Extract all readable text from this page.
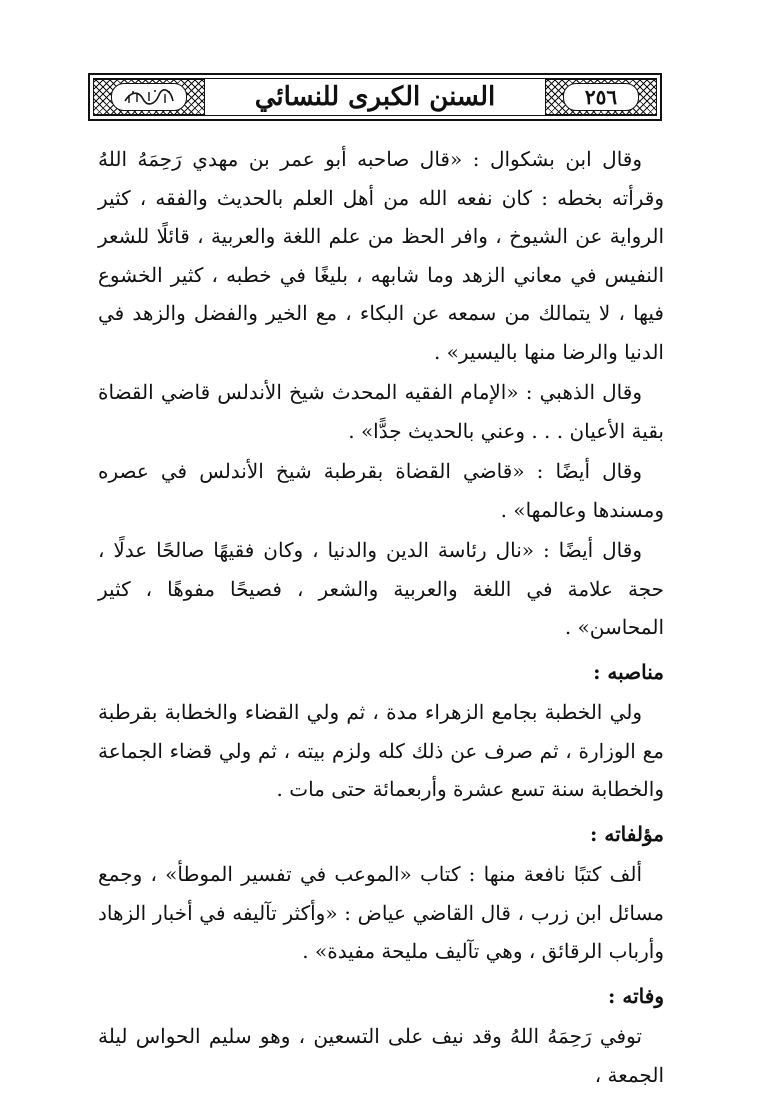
السنن الكبرى للنسائي	٢٥٦

وقال ابن بشكوال : «قال صاحبه أبو عمر بن مهدي رَحِمَهُ اللهُ وقرأته بخطه : كان نفعه الله من أهل العلم بالحديث والفقه ، كثير الرواية عن الشيوخ ، وافر الحظ من علم اللغة والعربية ، قائلًا للشعر النفيس في معاني الزهد وما شابهه ، بليغًا في خطبه ، كثير الخشوع فيها ، لا يتمالك من سمعه عن البكاء ، مع الخير والفضل والزهد في الدنيا والرضا منها باليسير» .

وقال الذهبي : «الإمام الفقيه المحدث شيخ الأندلس قاضي القضاة بقية الأعيان . . . وعني بالحديث جدًّا» .

وقال أيضًا : «قاضي القضاة بقرطبة شيخ الأندلس في عصره ومسندها وعالمها» .

وقال أيضًا : «نال رئاسة الدين والدنيا ، وكان فقيهًا صالحًا عدلًا ، حجة علامة في اللغة والعربية والشعر ، فصيحًا مفوهًا ، كثير المحاسن» .

مناصبه :

ولي الخطبة بجامع الزهراء مدة ، ثم ولي القضاء والخطابة بقرطبة مع الوزارة ، ثم صرف عن ذلك كله ولزم بيته ، ثم ولي قضاء الجماعة والخطابة سنة تسع عشرة وأربعمائة حتى مات .

مؤلفاته :

ألف كتبًا نافعة منها : كتاب «الموعب في تفسير الموطأ» ، وجمع مسائل ابن زرب ، قال القاضي عياض : «وأكثر تآليفه في أخبار الزهاد وأرباب الرقائق ، وهي تآليف مليحة مفيدة» .

وفاته :

توفي رَحِمَهُ اللهُ وقد نيف على التسعين ، وهو سليم الحواس ليلة الجمعة ،
